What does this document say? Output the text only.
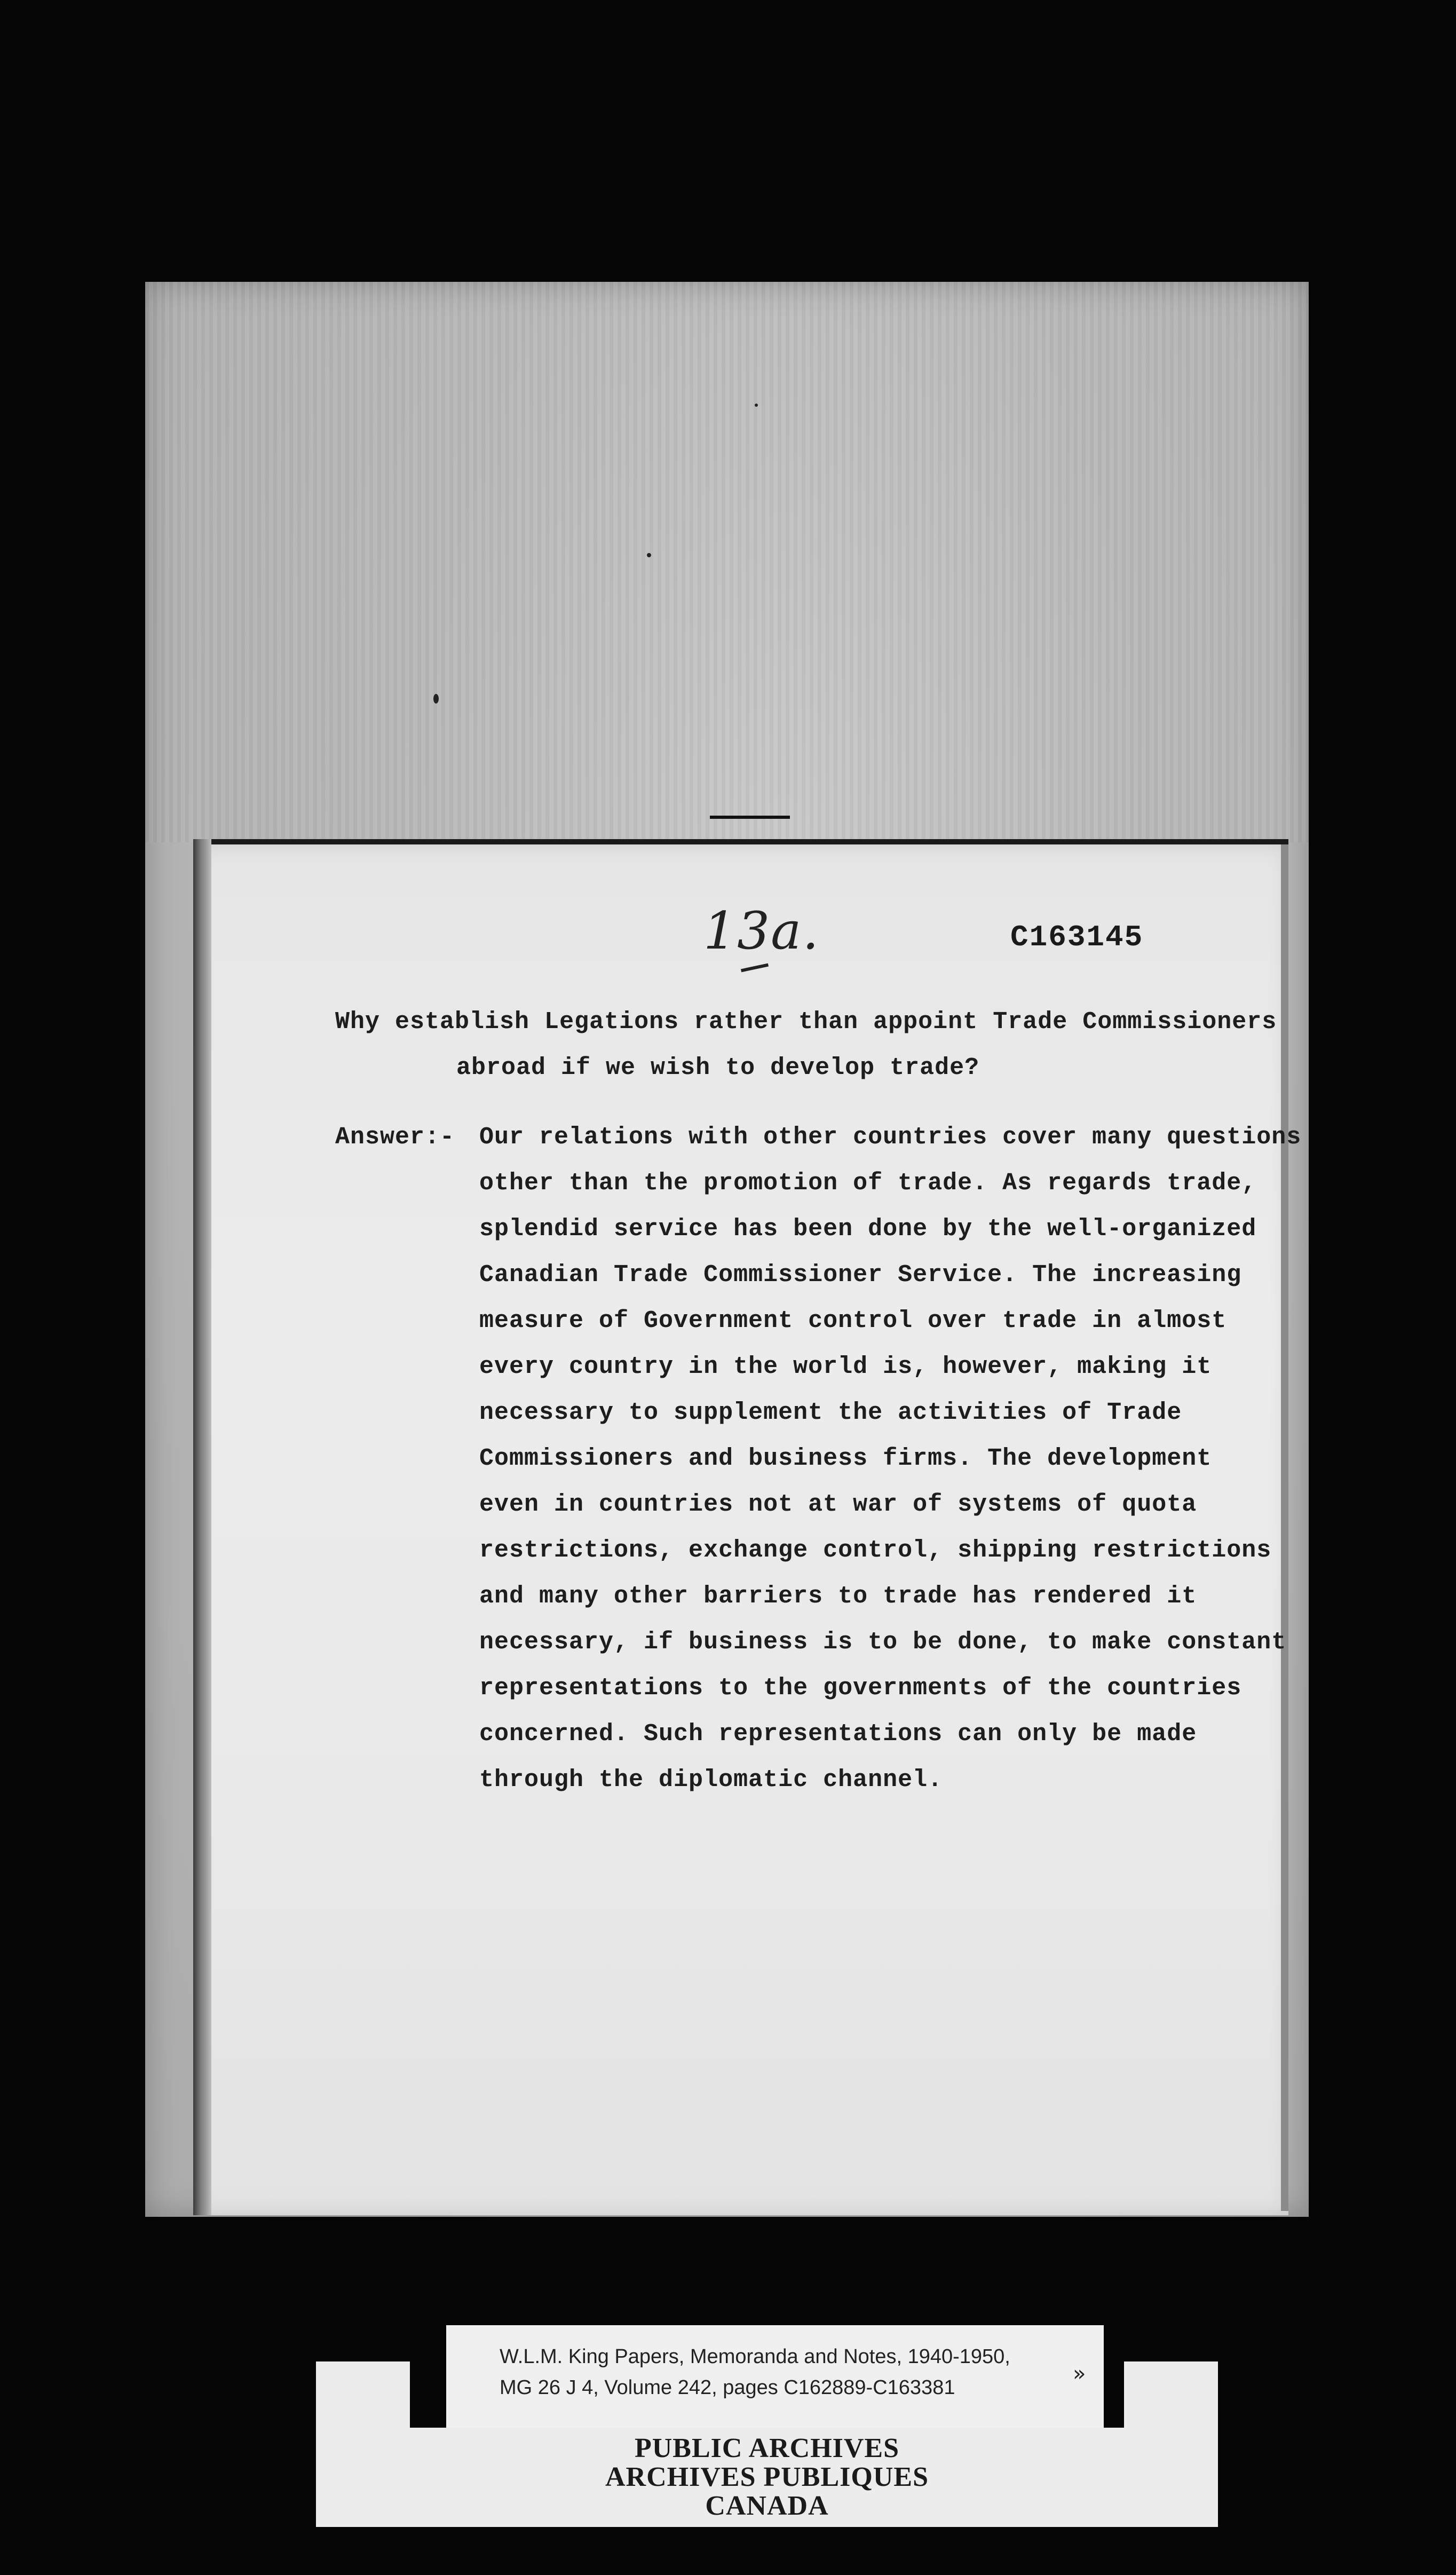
13a.	C163145
Why establish Legations rather than appoint Trade Commissioners
abroad if we wish to develop trade?
Answer:- Our relations with other countries cover many questions
other than the promotion of trade. As regards trade,
splendid service has been done by the well-organized
Canadian Trade Commissioner Service. The increasing
measure of Government control over trade in almost
every country in the world is, however, making it
necessary to supplement the activities of Trade
Commissioners and business firms. The development
even in countries not at war of systems of quota
restrictions, exchange control, shipping restrictions
and many other barriers to trade has rendered it
necessary, if business is to be done, to make constant
representations to the governments of the countries
concerned. Such representations can only be made
through the diplomatic channel.
W.L.M. King Papers, Memoranda and Notes, 1940-1950,
MG 26 J 4, Volume 242, pages C162889-C163381
»
PUBLIC ARCHIVES
ARCHIVES PUBLIQUES
CANADA
